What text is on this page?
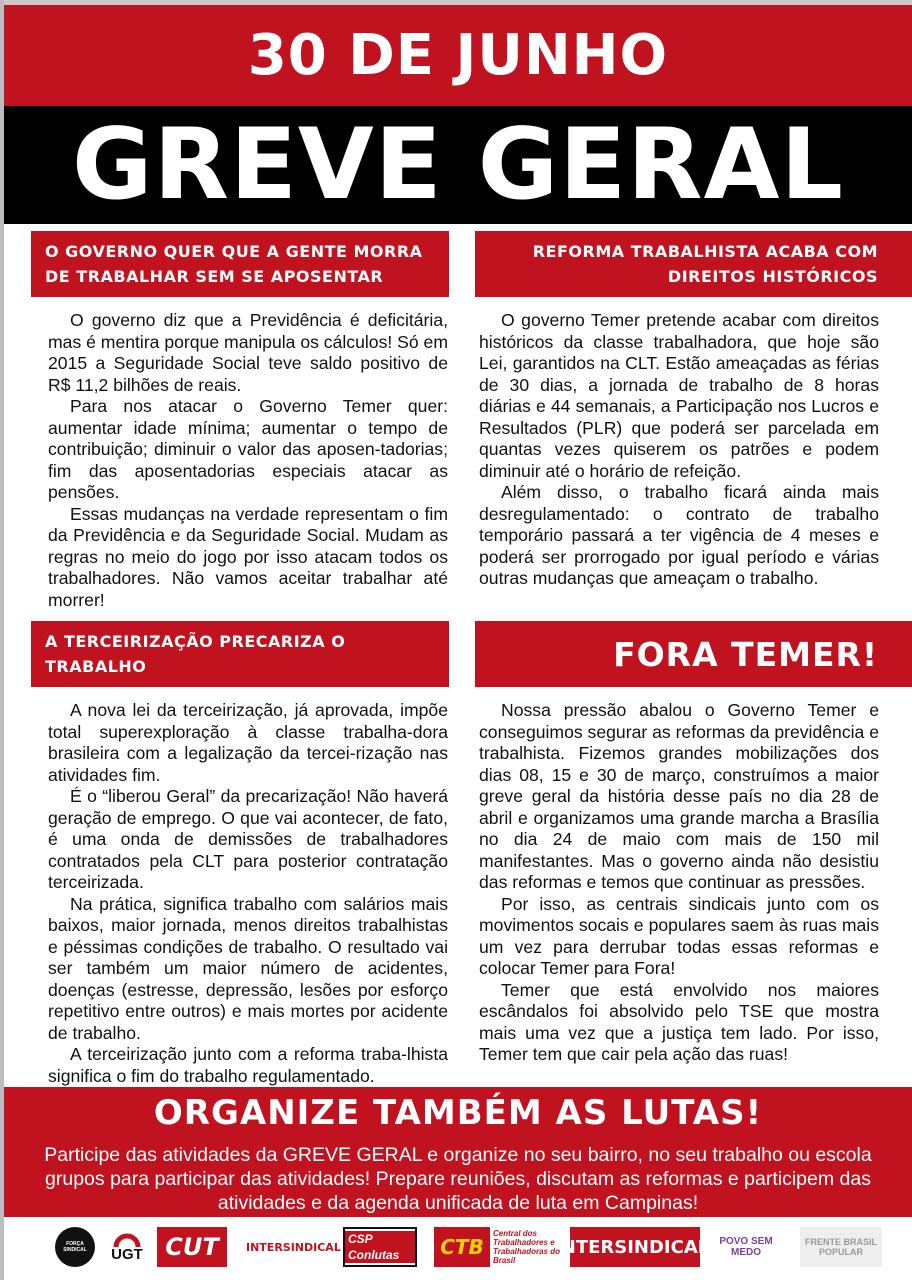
30 DE JUNHO
GREVE GERAL
O GOVERNO QUER QUE A GENTE MORRA
DE TRABALHAR SEM SE APOSENTAR

O governo diz que a Previdência é deficitária, mas é mentira porque manipula os cálculos! Só em 2015 a Seguridade Social teve saldo positivo de R$ 11,2 bilhões de reais.

Para nos atacar o Governo Temer quer: aumentar idade mínima; aumentar o tempo de contribuição; diminuir o valor das aposen-tadorias; fim das aposentadorias especiais atacar as pensões.

Essas mudanças na verdade representam o fim da Previdência e da Seguridade Social. Mudam as regras no meio do jogo por isso atacam todos os trabalhadores. Não vamos aceitar trabalhar até morrer!

REFORMA TRABALHISTA ACABA COM
DIREITOS HISTÓRICOS

O governo Temer pretende acabar com direitos históricos da classe trabalhadora, que hoje são Lei, garantidos na CLT. Estão ameaçadas as férias de 30 dias, a jornada de trabalho de 8 horas diárias e 44 semanais, a Participação nos Lucros e Resultados (PLR) que poderá ser parcelada em quantas vezes quiserem os patrões e podem diminuir até o horário de refeição.

Além disso, o trabalho ficará ainda mais desregulamentado: o contrato de trabalho temporário passará a ter vigência de 4 meses e poderá ser prorrogado por igual período e várias outras mudanças que ameaçam o trabalho.

A TERCEIRIZAÇÃO PRECARIZA O
TRABALHO

A nova lei da terceirização, já aprovada, impõe total superexploração à classe trabalha-dora brasileira com a legalização da tercei-rização nas atividades fim.

É o “liberou Geral” da precarização! Não haverá geração de emprego. O que vai acontecer, de fato, é uma onda de demissões de trabalhadores contratados pela CLT para posterior contratação terceirizada.

Na prática, significa trabalho com salários mais baixos, maior jornada, menos direitos trabalhistas e péssimas condições de trabalho. O resultado vai ser também um maior número de acidentes, doenças (estresse, depressão, lesões por esforço repetitivo entre outros) e mais mortes por acidente de trabalho.

A terceirização junto com a reforma traba-lhista significa o fim do trabalho regulamentado.

FORA TEMER!

Nossa pressão abalou o Governo Temer e conseguimos segurar as reformas da previdência e trabalhista. Fizemos grandes mobilizações dos dias 08, 15 e 30 de março, construímos a maior greve geral da história desse país no dia 28 de abril e organizamos uma grande marcha a Brasília no dia 24 de maio com mais de 150 mil manifestantes. Mas o governo ainda não desistiu das reformas e temos que continuar as pressões.

Por isso, as centrais sindicais junto com os movimentos socais e populares saem às ruas mais um vez para derrubar todas essas reformas e colocar Temer para Fora!

Temer que está envolvido nos maiores escândalos foi absolvido pelo TSE que mostra mais uma vez que a justiça tem lado. Por isso, Temer tem que cair pela ação das ruas!

ORGANIZE TAMBÉM AS LUTAS!
Participe das atividades da GREVE GERAL e organize no seu bairro, no seu trabalho ou escola grupos para participar das atividades! Prepare reuniões, discutam as reformas e participem das atividades e da agenda unificada de luta em Campinas!
FORÇA SINDICAL	UGT CUT INTERSINDICAL
CSP Conlutas	CTB
Central dos Trabalhadores e Trabalhadoras do Brasil
NTERSINDICAL	POVO SEM MEDO
FRENTE BRASIL POPULAR
